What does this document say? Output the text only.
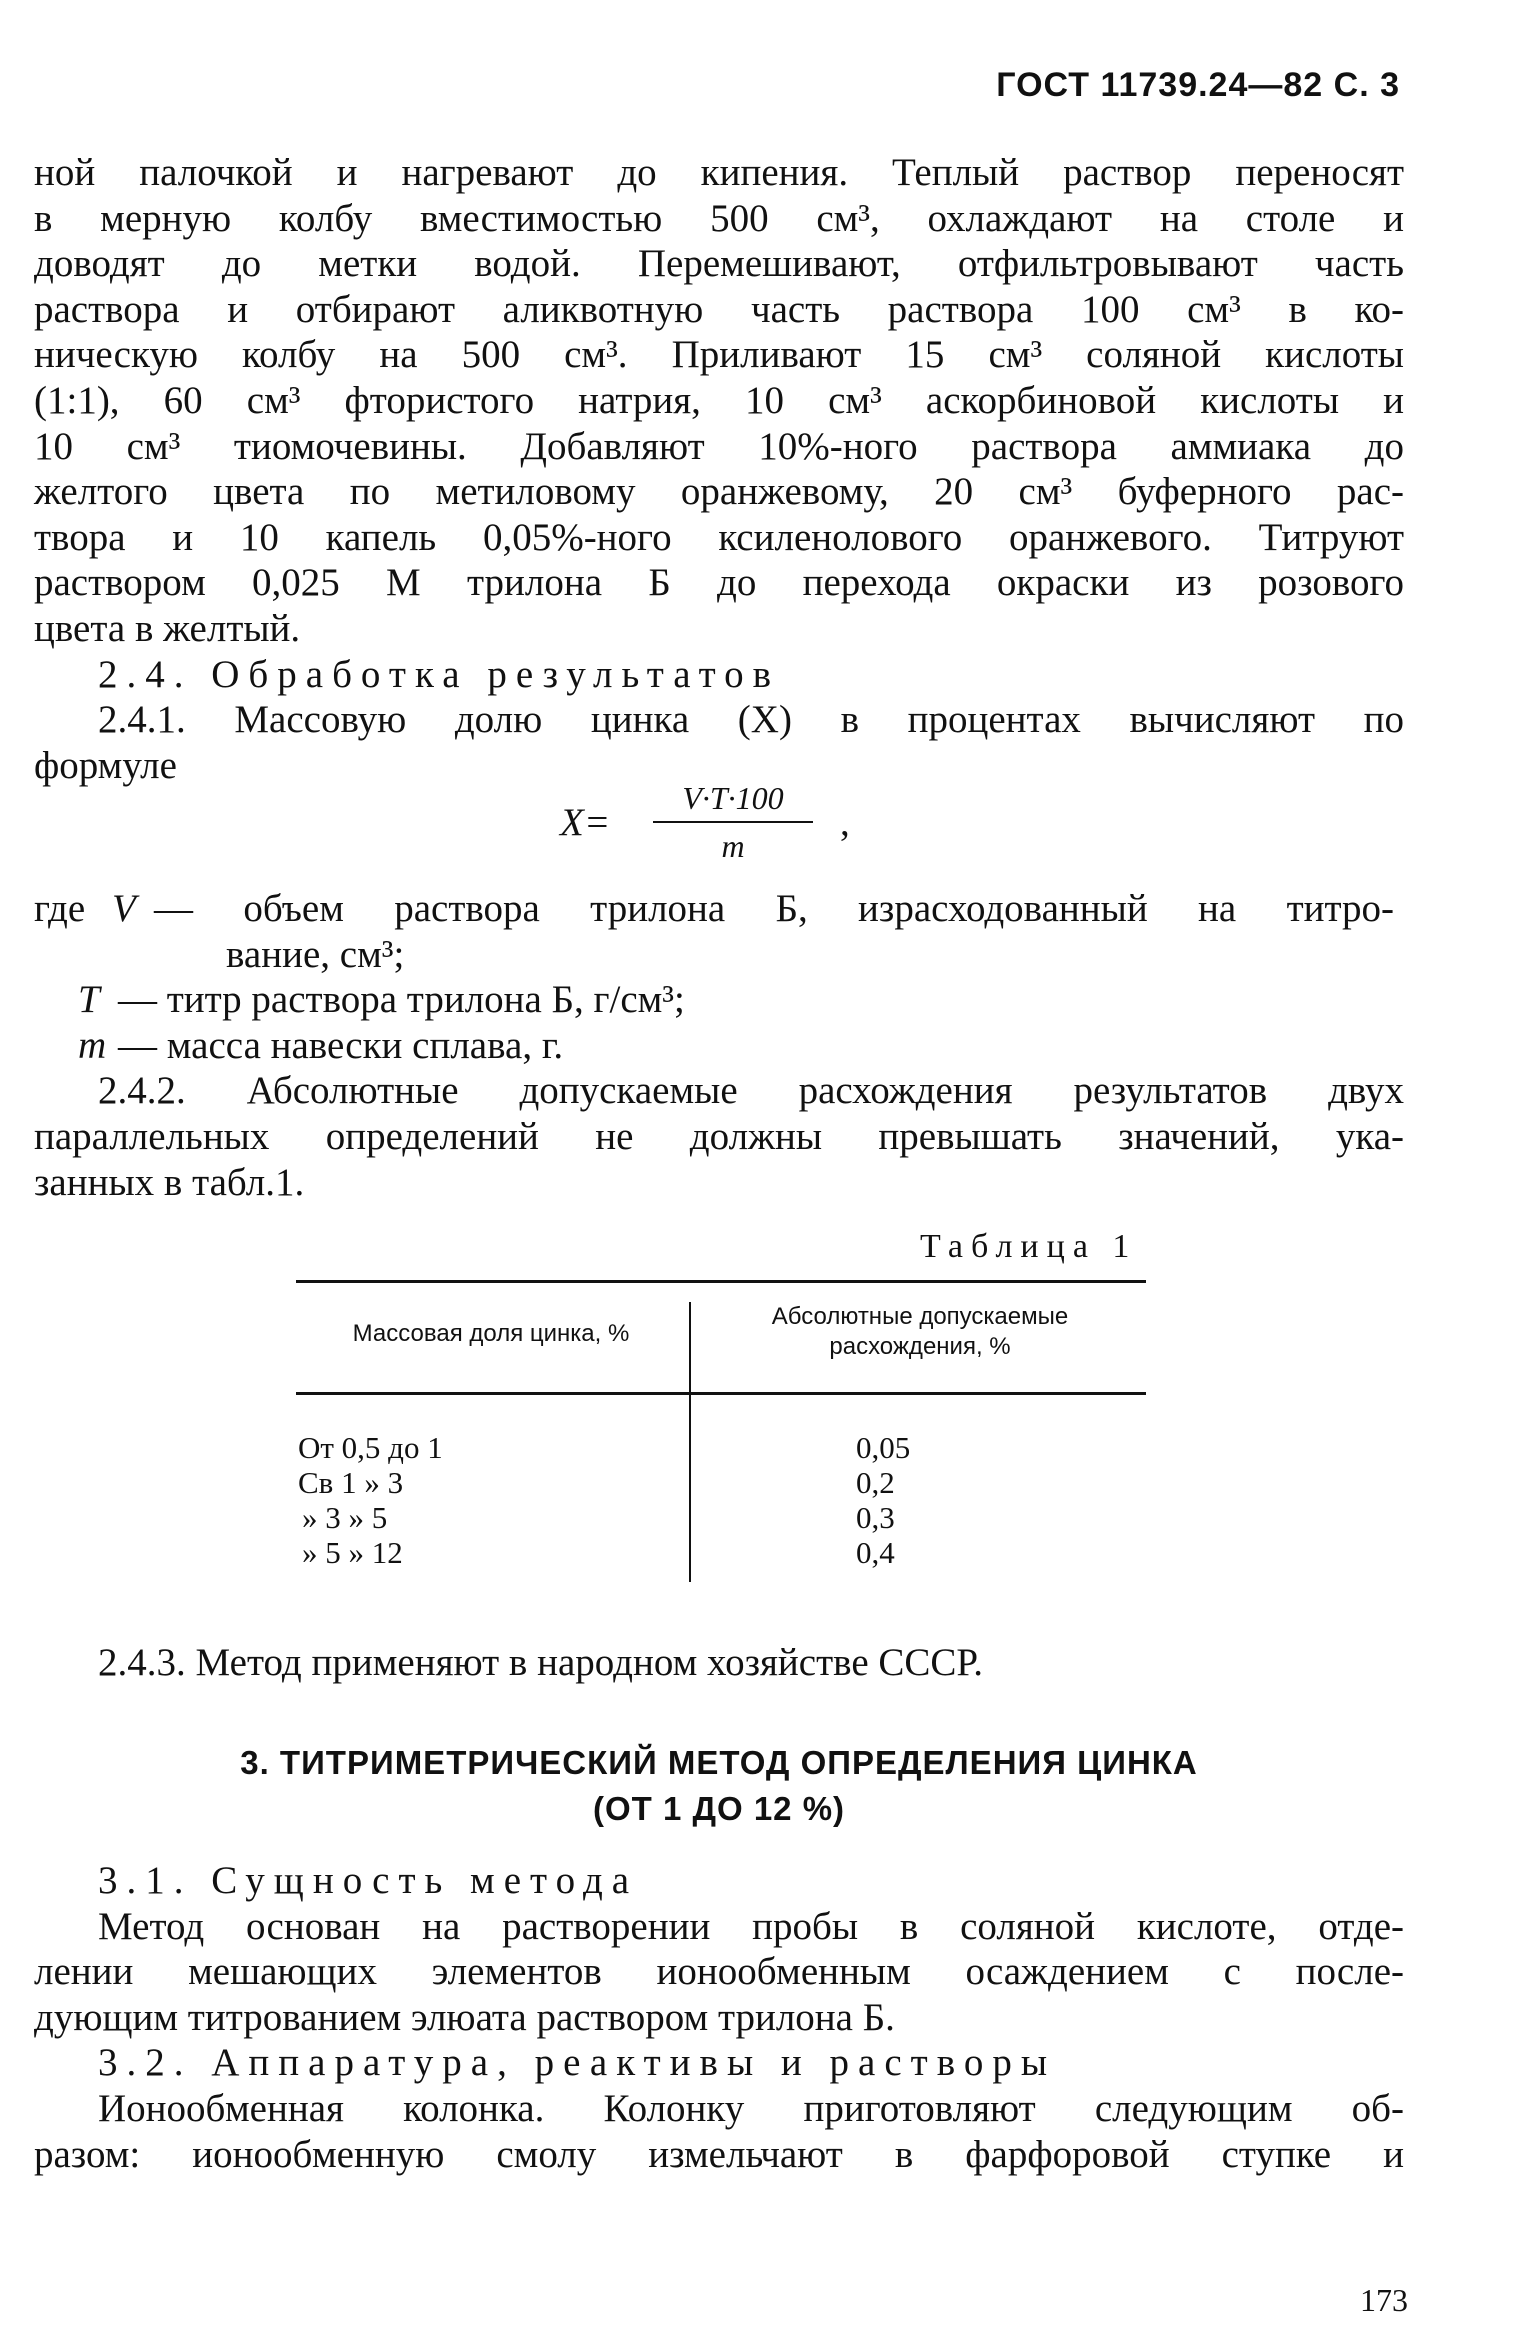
ГОСТ 11739.24—82 С. 3
ной палочкой и нагревают до кипения. Теплый раствор переносят
в мерную колбу вместимостью 500 см³, охлаждают на столе и
доводят до метки водой. Перемешивают, отфильтровывают часть
раствора и отбирают аликвотную часть раствора 100 см³ в ко-
ническую колбу на 500 см³. Приливают 15 см³ соляной кислоты
(1:1), 60 см³ фтористого натрия, 10 см³ аскорбиновой кислоты и
10 см³ тиомочевины. Добавляют 10%-ного раствора аммиака до
желтого цвета по метиловому оранжевому, 20 см³ буферного рас-
твора и 10 капель 0,05%-ного ксиленолового оранжевого. Титруют
раствором 0,025 М трилона Б до перехода окраски из розового
цвета в желтый.
2.4. Обработка результатов
2.4.1. Массовую долю цинка (X) в процентах вычисляют по
формуле
X=
V·T·100
m
,
где V — объем раствора трилона Б, израсходованный на титро-
вание, см³;
T — титр раствора трилона Б, г/см³;
m — масса навески сплава, г.
2.4.2. Абсолютные допускаемые расхождения результатов двух
параллельных определений не должны превышать значений, ука-
занных в табл.1.
Таблица 1
Массовая доля цинка, %
Абсолютные допускаемые
расхождения, %
От 0,5 до 1
Св 1 » 3
» 3 » 5
» 5 » 12
0,05
0,2
0,3
0,4
2.4.3. Метод применяют в народном хозяйстве СССР.
3. ТИТРИМЕТРИЧЕСКИЙ МЕТОД ОПРЕДЕЛЕНИЯ ЦИНКА
(ОТ 1 ДО 12 %)
3.1. Сущность метода
Метод основан на растворении пробы в соляной кислоте, отде-
лении мешающих элементов ионообменным осаждением с после-
дующим титрованием элюата раствором трилона Б.
3.2. Аппаратура, реактивы и растворы
Ионообменная колонка. Колонку приготовляют следующим об-
разом: ионообменную смолу измельчают в фарфоровой ступке и
173
